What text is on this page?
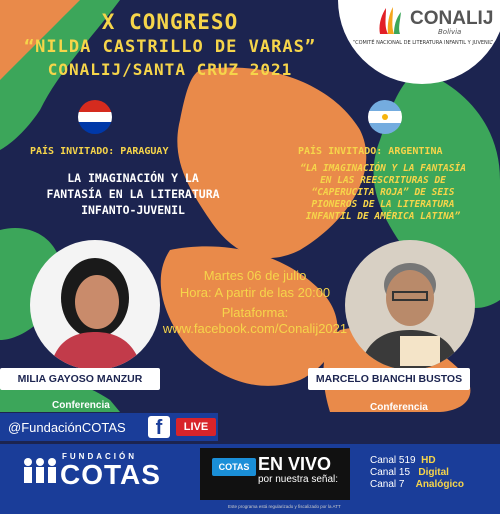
X CONGRESO
“NILDA CASTRILLO DE VARAS”
CONALIJ/SANTA CRUZ 2021
CONALIJ
Bolivia
“COMITÉ NACIONAL DE LITERATURA INFANTIL Y JUVENIL”
PAÍS INVITADO: PARAGUAY	PAÍS INVITADO: ARGENTINA
LA IMAGINACIÓN Y LA
FANTASÍA EN LA LITERATURA
INFANTO-JUVENIL
“LA IMAGINACIÓN Y LA FANTASÍA
EN LAS REESCRITURAS DE
“CAPERUCITA ROJA” DE SEIS
PIONEROS DE LA LITERATURA
INFANTIL DE AMÉRICA LATINA”
Martes 06 de julio
Hora: A partir de las 20:00
Plataforma:
www.facebook.com/Conalij2021
MILIA GAYOSO MANZUR	MARCELO BIANCHI BUSTOS
Conferencia	Conferencia
@FundaciónCOTAS	f	LIVE
FUNDACIÓN
COTAS	COTAS EN VIVO
por nuestra señal:
Canal 519 HD
Canal 15 Digital
Canal 7 Analógico
Este programa está regularizado y fiscalizado por la ATT
